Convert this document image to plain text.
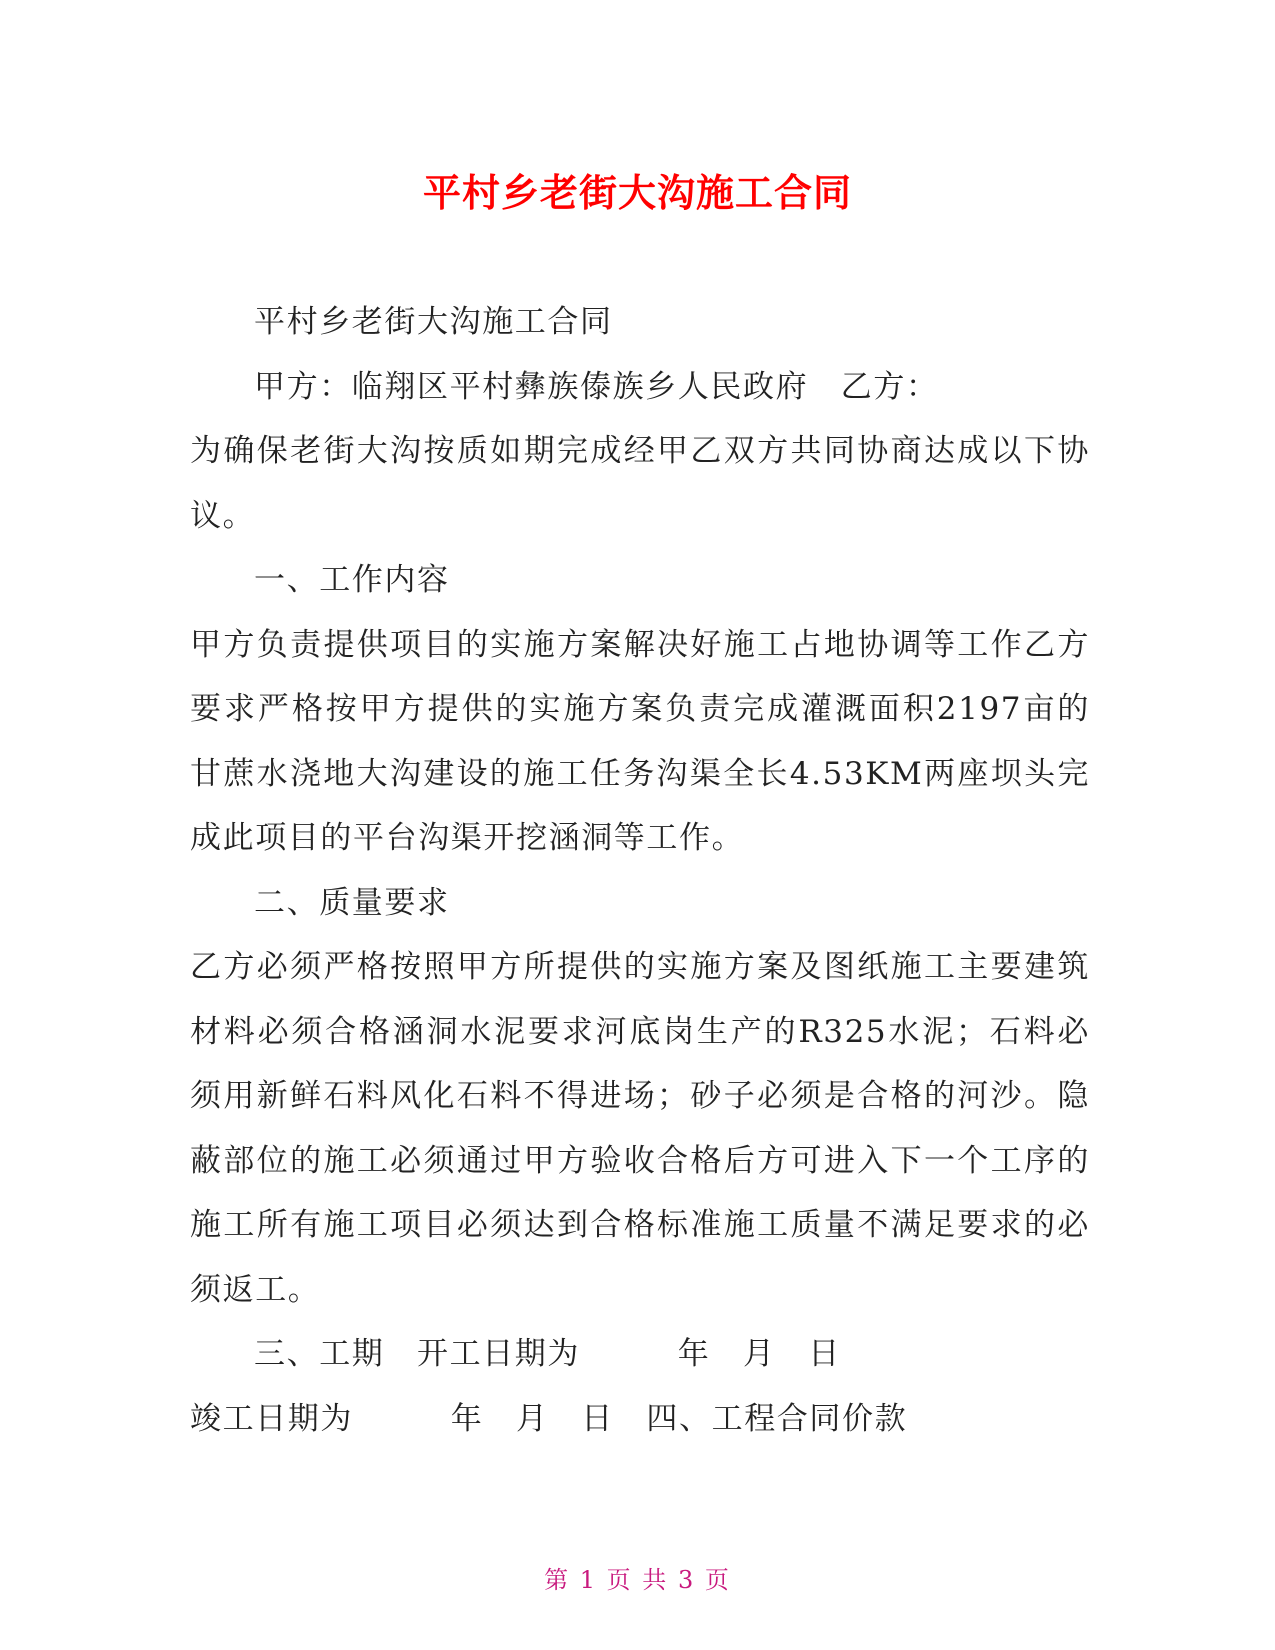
平村乡老街大沟施工合同

平村乡老街大沟施工合同

甲方：临翔区平村彝族傣族乡人民政府　乙方：

为确保老街大沟按质如期完成经甲乙双方共同协商达成以下协议。

一、工作内容

甲方负责提供项目的实施方案解决好施工占地协调等工作乙方要求严格按甲方提供的实施方案负责完成灌溉面积2197亩的甘蔗水浇地大沟建设的施工任务沟渠全长4.53KM两座坝头完成此项目的平台沟渠开挖涵洞等工作。

二、质量要求

乙方必须严格按照甲方所提供的实施方案及图纸施工主要建筑材料必须合格涵洞水泥要求河底岗生产的R325水泥；石料必须用新鲜石料风化石料不得进场；砂子必须是合格的河沙。隐蔽部位的施工必须通过甲方验收合格后方可进入下一个工序的施工所有施工项目必须达到合格标准施工质量不满足要求的必须返工。

三、工期　开工日期为　　　年　月　日

竣工日期为　　　年　月　日　四、工程合同价款

第 1 页 共 3 页
